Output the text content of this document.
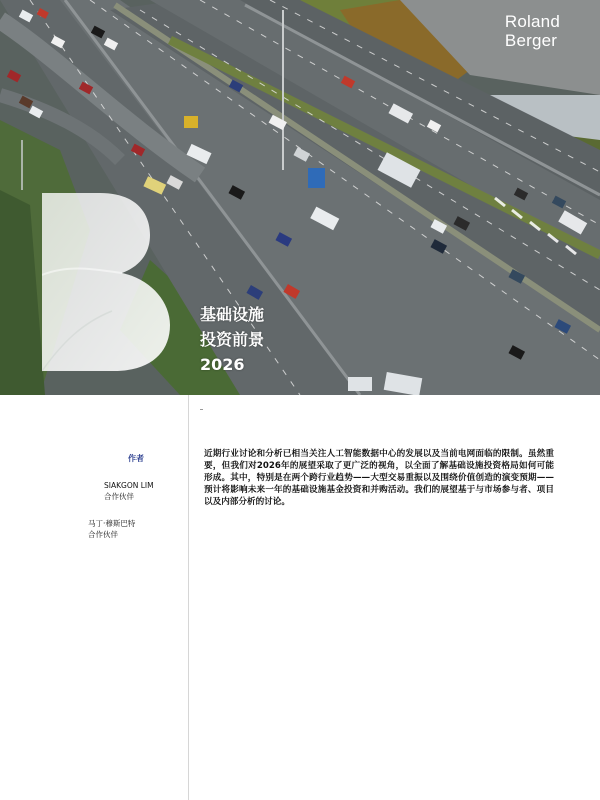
Roland
Berger
基础设施
投资前景
2026
作者
SIAKGON LIM
合作伙伴
马丁·穆斯巴特
合作伙伴

近期行业讨论和分析已相当关注人工智能数据中心的发展以及当前电网面临的限制。虽然重要，但我们对2026年的展望采取了更广泛的视角，以全面了解基础设施投资格局如何可能形成。其中，特别是在两个跨行业趋势——大型交易重振以及围绕价值创造的演变预期——预计将影响未来一年的基础设施基金投资和并购活动。我们的展望基于与市场参与者、项目以及内部分析的讨论。
